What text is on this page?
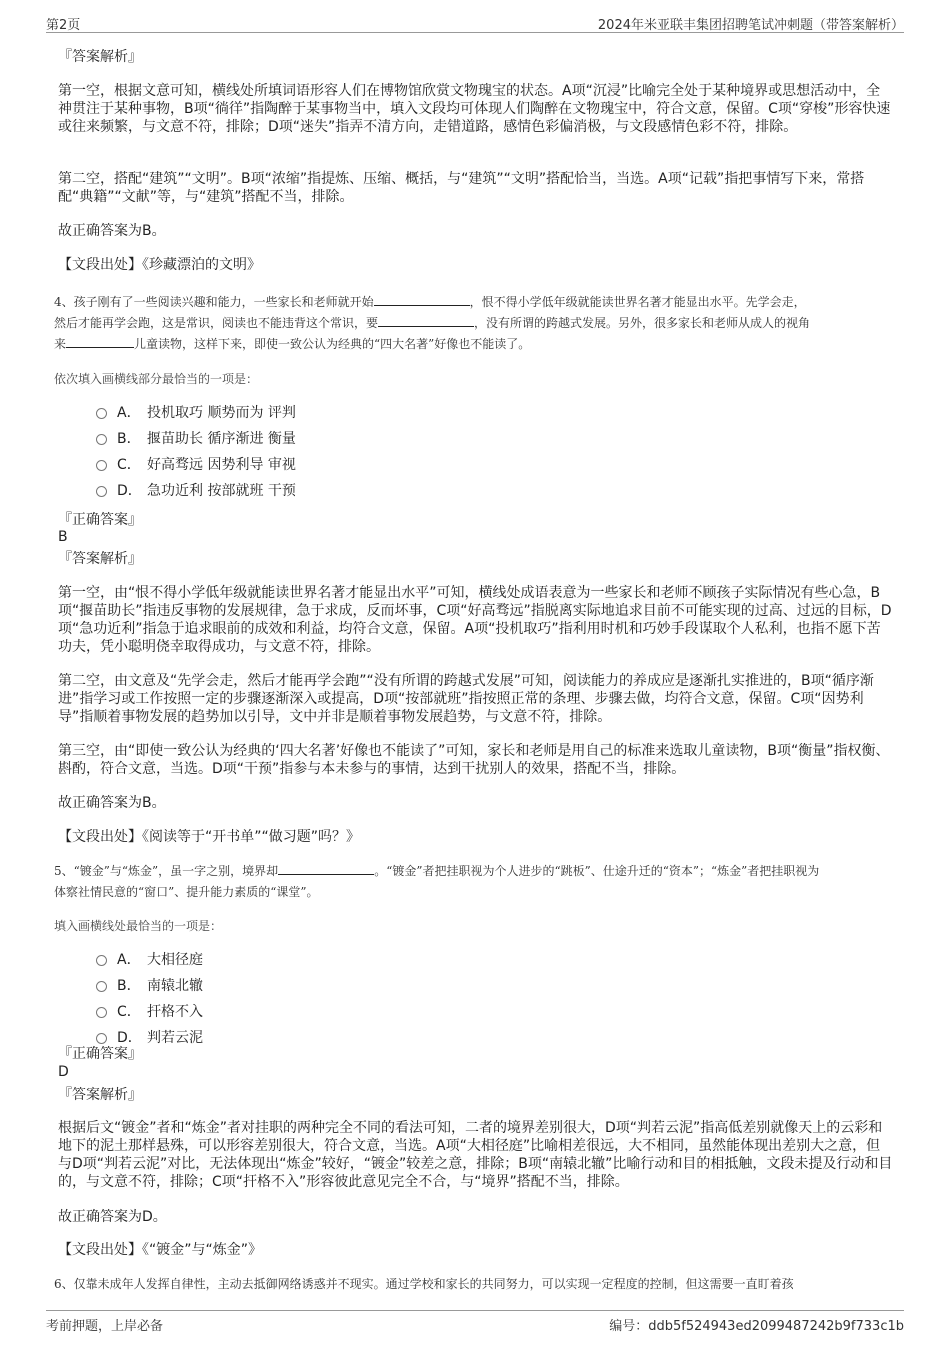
第2页	2024年米亚联丰集团招聘笔试冲刺题（带答案解析）

『答案解析』

第一空，根据文意可知，横线处所填词语形容人们在博物馆欣赏文物瑰宝的状态。A项“沉浸”比喻完全处于某种境界或思想活动中，全神贯注于某种事物，B项“徜徉”指陶醉于某事物当中，填入文段均可体现人们陶醉在文物瑰宝中，符合文意，保留。C项“穿梭”形容快速或往来频繁，与文意不符，排除；D项“迷失”指弄不清方向，走错道路，感情色彩偏消极，与文段感情色彩不符，排除。

第二空，搭配“建筑”“文明”。B项“浓缩”指提炼、压缩、概括，与“建筑”“文明”搭配恰当，当选。A项“记载”指把事情写下来，常搭配“典籍”“文献”等，与“建筑”搭配不当，排除。

故正确答案为B。

【文段出处】《珍藏漂泊的文明》

4、孩子刚有了一些阅读兴趣和能力，一些家长和老师就开始	，恨不得小学低年级就能读世界名著才能显出水平。先学会走，
然后才能再学会跑，这是常识，阅读也不能违背这个常识，要	，没有所谓的跨越式发展。另外，很多家长和老师从成人的视角
来	儿童读物，这样下来，即使一致公认为经典的“四大名著”好像也不能读了。

依次填入画横线部分最恰当的一项是：

A． 投机取巧 顺势而为 评判
B． 揠苗助长 循序渐进 衡量
C． 好高骛远 因势利导 审视
D． 急功近利 按部就班 干预

『正确答案』

B

『答案解析』

第一空，由“恨不得小学低年级就能读世界名著才能显出水平”可知，横线处成语表意为一些家长和老师不顾孩子实际情况有些心急，B项“揠苗助长”指违反事物的发展规律，急于求成，反而坏事，C项“好高骛远”指脱离实际地追求目前不可能实现的过高、过远的目标，D项“急功近利”指急于追求眼前的成效和利益，均符合文意，保留。A项“投机取巧”指利用时机和巧妙手段谋取个人私利，也指不愿下苦功夫，凭小聪明侥幸取得成功，与文意不符，排除。

第二空，由文意及“先学会走，然后才能再学会跑”“没有所谓的跨越式发展”可知，阅读能力的养成应是逐渐扎实推进的，B项“循序渐进”指学习或工作按照一定的步骤逐渐深入或提高，D项“按部就班”指按照正常的条理、步骤去做，均符合文意，保留。C项“因势利导”指顺着事物发展的趋势加以引导，文中并非是顺着事物发展趋势，与文意不符，排除。

第三空，由“即使一致公认为经典的‘四大名著’好像也不能读了”可知，家长和老师是用自己的标准来选取儿童读物，B项“衡量”指权衡、斟酌，符合文意，当选。D项“干预”指参与本未参与的事情，达到干扰别人的效果，搭配不当，排除。

故正确答案为B。

【文段出处】《阅读等于“开书单”“做习题”吗？》

5、“镀金”与“炼金”，虽一字之别，境界却	。“镀金”者把挂职视为个人进步的“跳板”、仕途升迁的“资本”；“炼金”者把挂职视为
体察社情民意的“窗口”、提升能力素质的“课堂”。

填入画横线处最恰当的一项是：

A． 大相径庭
B． 南辕北辙
C． 扞格不入
D． 判若云泥

『正确答案』

D

『答案解析』

根据后文“镀金”者和“炼金”者对挂职的两种完全不同的看法可知，二者的境界差别很大，D项“判若云泥”指高低差别就像天上的云彩和地下的泥土那样悬殊，可以形容差别很大，符合文意，当选。A项“大相径庭”比喻相差很远，大不相同，虽然能体现出差别大之意，但与D项“判若云泥”对比，无法体现出“炼金”较好，“镀金”较差之意，排除；B项“南辕北辙”比喻行动和目的相抵触，文段未提及行动和目的，与文意不符，排除；C项“扞格不入”形容彼此意见完全不合，与“境界”搭配不当，排除。

故正确答案为D。

【文段出处】《“镀金”与“炼金”》

6、仅靠未成年人发挥自律性，主动去抵御网络诱惑并不现实。通过学校和家长的共同努力，可以实现一定程度的控制，但这需要一直盯着孩

考前押题，上岸必备	编号：ddb5f524943ed2099487242b9f733c1b
